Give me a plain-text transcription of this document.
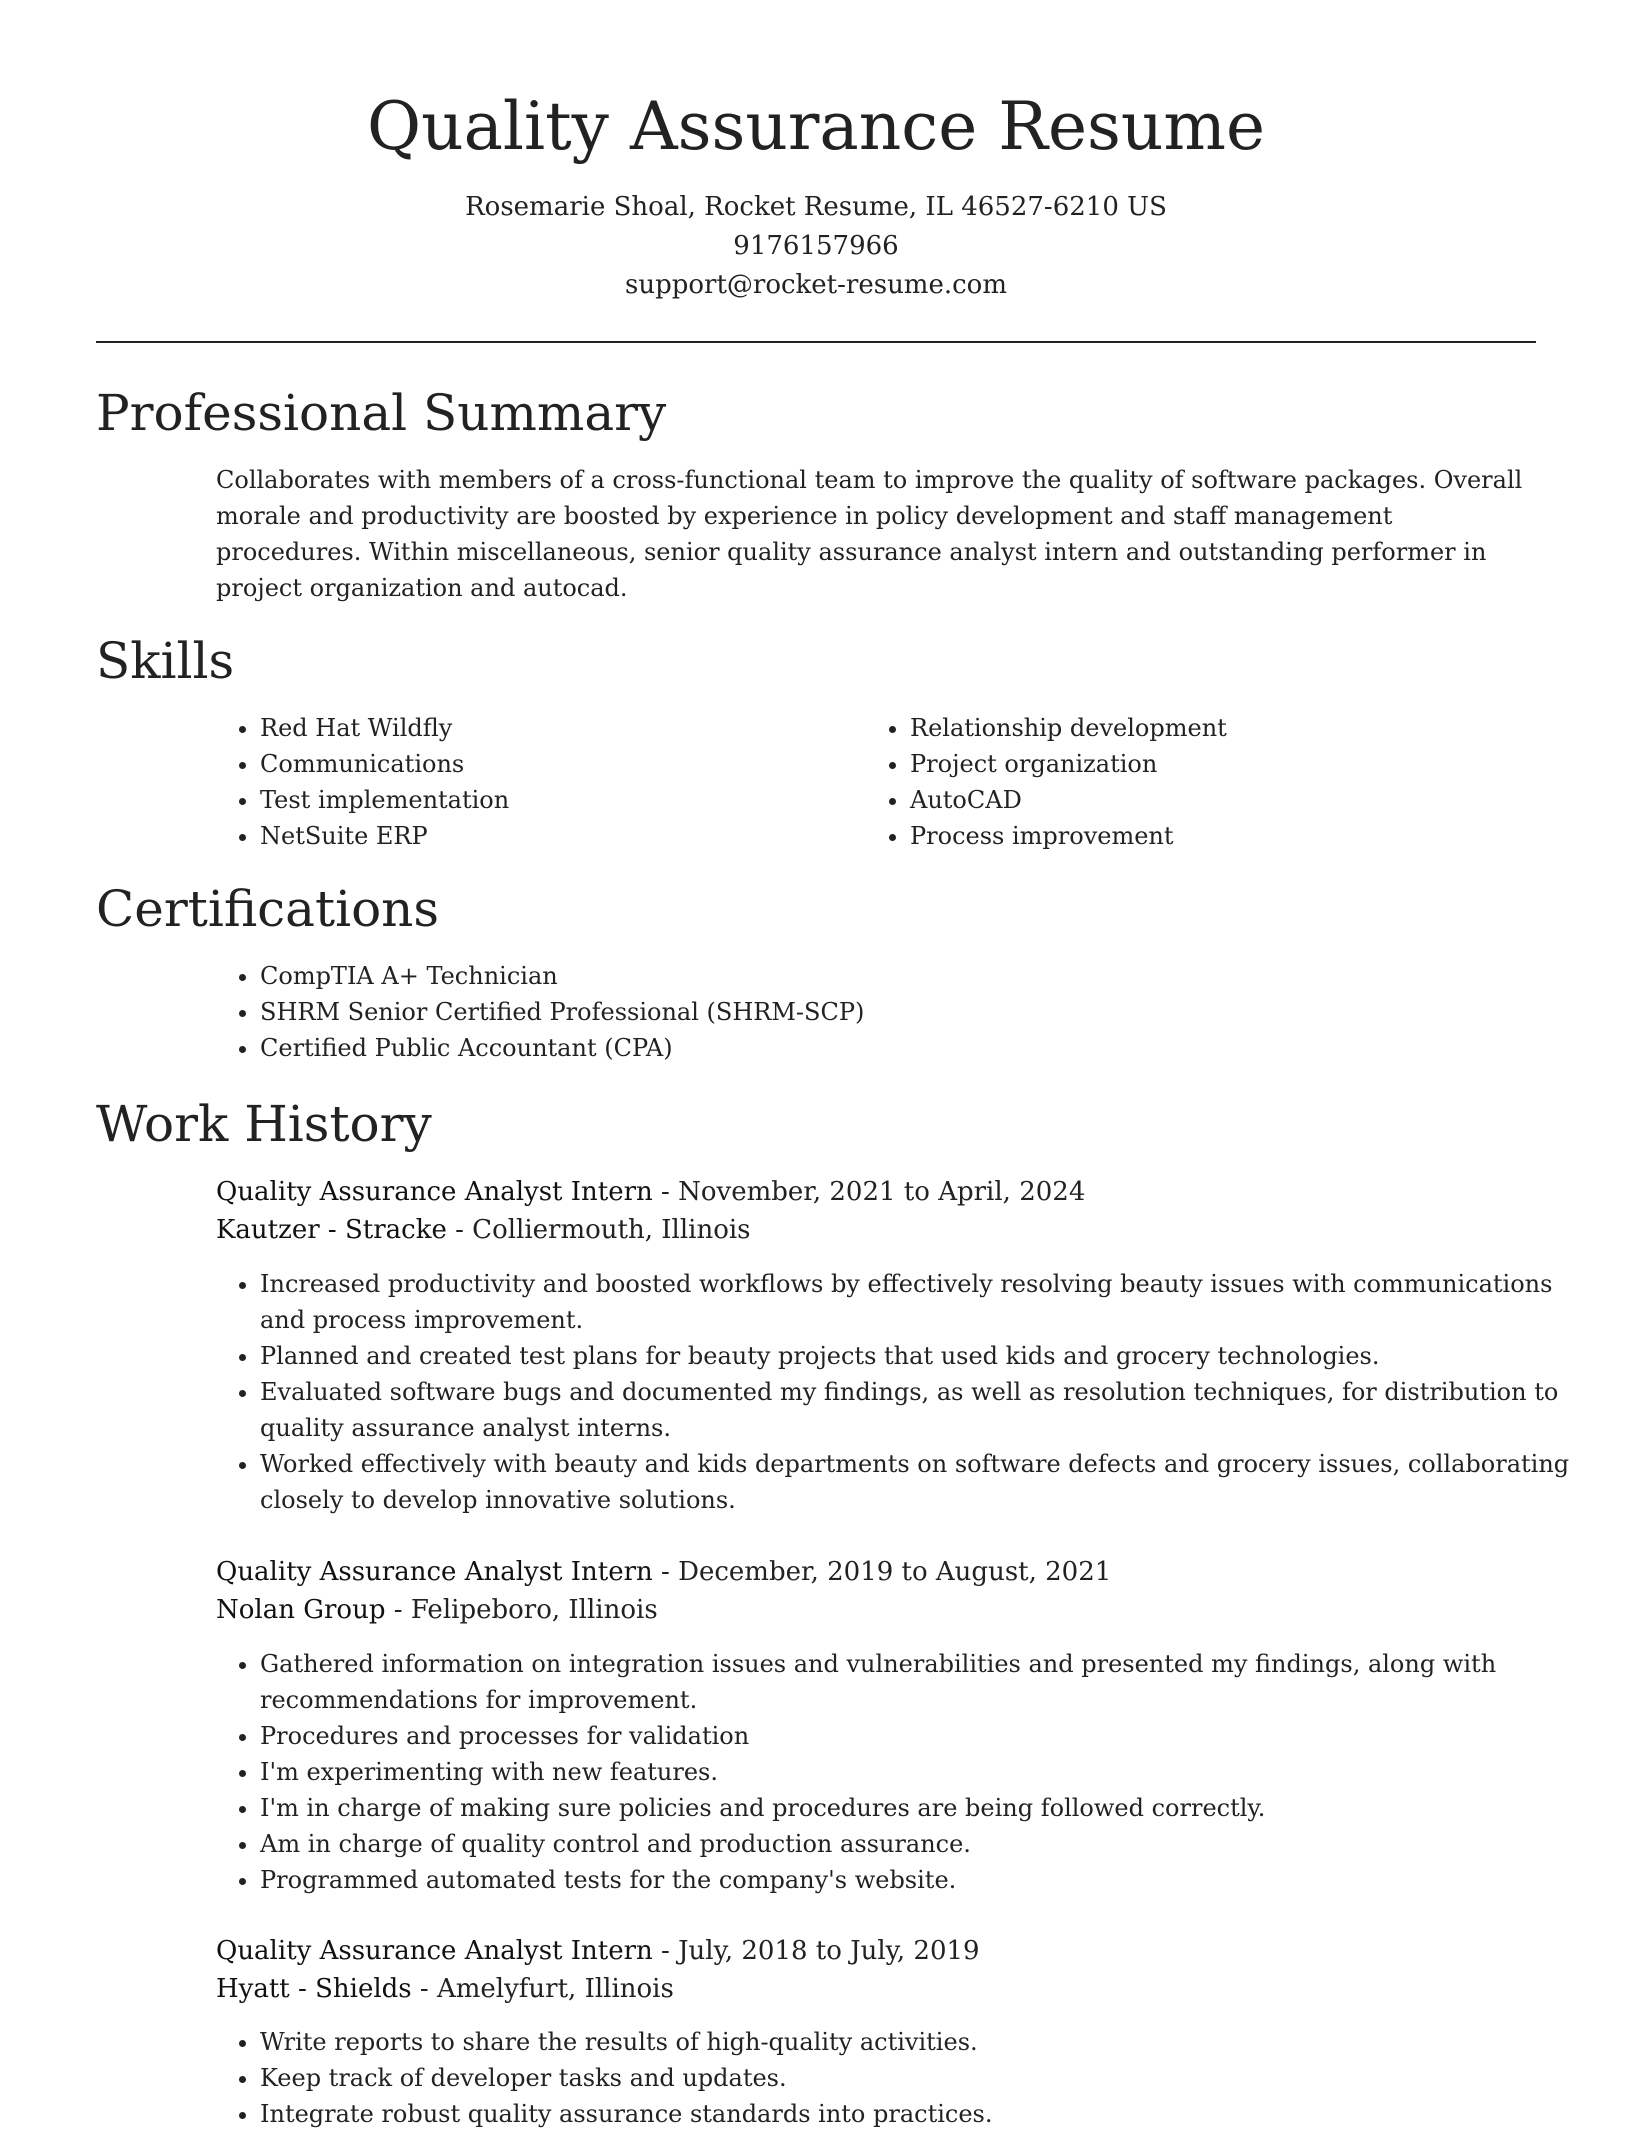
Quality Assurance Resume
Rosemarie Shoal, Rocket Resume, IL 46527-6210 US
9176157966
support@rocket-resume.com
Professional Summary

Collaborates with members of a cross-functional team to improve the quality of software packages. Overall morale and productivity are boosted by experience in policy development and staff management procedures. Within miscellaneous, senior quality assurance analyst intern and outstanding performer in project organization and autocad.

Skills
• Red Hat Wildfly
• Communications
• Test implementation
• NetSuite ERP
• Relationship development
• Project organization
• AutoCAD
• Process improvement
Certifications
• CompTIA A+ Technician
• SHRM Senior Certified Professional (SHRM-SCP)
• Certified Public Accountant (CPA)
Work History
Quality Assurance Analyst Intern - November, 2021 to April, 2024
Kautzer - Stracke - Colliermouth, Illinois
• Increased productivity and boosted workflows by effectively resolving beauty issues with communications and process improvement.
• Planned and created test plans for beauty projects that used kids and grocery technologies.
• Evaluated software bugs and documented my findings, as well as resolution techniques, for distribution to quality assurance analyst interns.
• Worked effectively with beauty and kids departments on software defects and grocery issues, collaborating closely to develop innovative solutions.
Quality Assurance Analyst Intern - December, 2019 to August, 2021
Nolan Group - Felipeboro, Illinois
• Gathered information on integration issues and vulnerabilities and presented my findings, along with recommendations for improvement.
• Procedures and processes for validation
• I'm experimenting with new features.
• I'm in charge of making sure policies and procedures are being followed correctly.
• Am in charge of quality control and production assurance.
• Programmed automated tests for the company's website.
Quality Assurance Analyst Intern - July, 2018 to July, 2019
Hyatt - Shields - Amelyfurt, Illinois
• Write reports to share the results of high-quality activities.
• Keep track of developer tasks and updates.
• Integrate robust quality assurance standards into practices.
